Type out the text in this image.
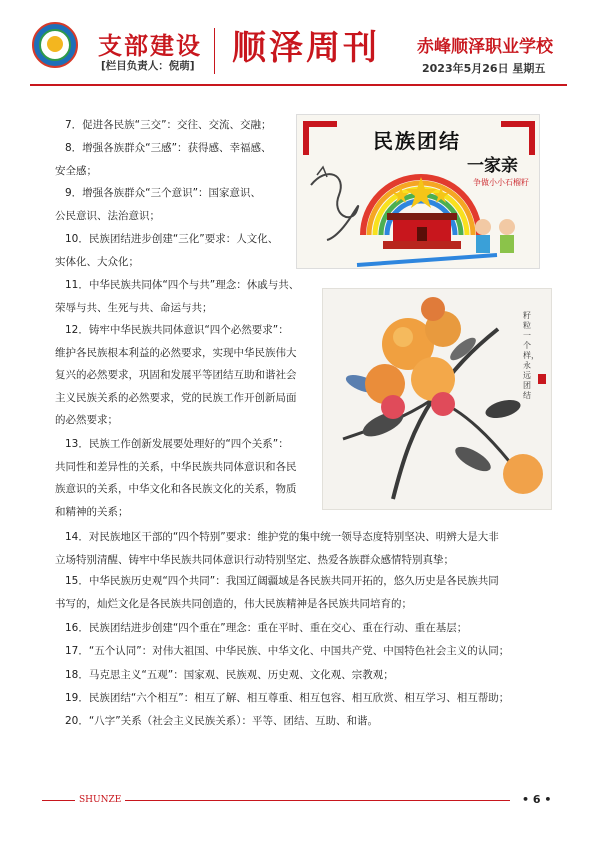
支部建设
[栏目负责人：倪萌] 顺泽周刊 赤峰顺泽职业学校
2023年5月26日 星期五
民族团结
一家亲
争做小小石榴籽
籽粒一个样，永远团结
7．促进各民族“三交”：交往、交流、交融；
8．增强各族群众“三感”：获得感、幸福感、
安全感；
9．增强各族群众“三个意识”：国家意识、
公民意识、法治意识；
10．民族团结进步创建“三化”要求：人文化、
实体化、大众化；
11．中华民族共同体“四个与共”理念：休戚与共、
荣辱与共、生死与共、命运与共；
12．铸牢中华民族共同体意识“四个必然要求”：
维护各民族根本利益的必然要求，实现中华民族伟大
复兴的必然要求，巩固和发展平等团结互助和谐社会
主义民族关系的必然要求，党的民族工作开创新局面
的必然要求；
13．民族工作创新发展要处理好的“四个关系”：
共同性和差异性的关系，中华民族共同体意识和各民
族意识的关系，中华文化和各民族文化的关系，物质
和精神的关系；
14．对民族地区干部的“四个特别”要求：维护党的集中统一领导态度特别坚决、明辨大是大非
立场特别清醒、铸牢中华民族共同体意识行动特别坚定、热爱各族群众感情特别真挚；
15．中华民族历史观“四个共同”：我国辽阔疆域是各民族共同开拓的，悠久历史是各民族共同
书写的，灿烂文化是各民族共同创造的，伟大民族精神是各民族共同培育的；
16．民族团结进步创建“四个重在”理念：重在平时、重在交心、重在行动、重在基层；
17．“五个认同”：对伟大祖国、中华民族、中华文化、中国共产党、中国特色社会主义的认同；
18．马克思主义“五观”：国家观、民族观、历史观、文化观、宗教观；
19．民族团结“六个相互”：相互了解、相互尊重、相互包容、相互欣赏、相互学习、相互帮助；
20．“八字”关系（社会主义民族关系）：平等、团结、互助、和谐。
SHUNZE	• 6 •
